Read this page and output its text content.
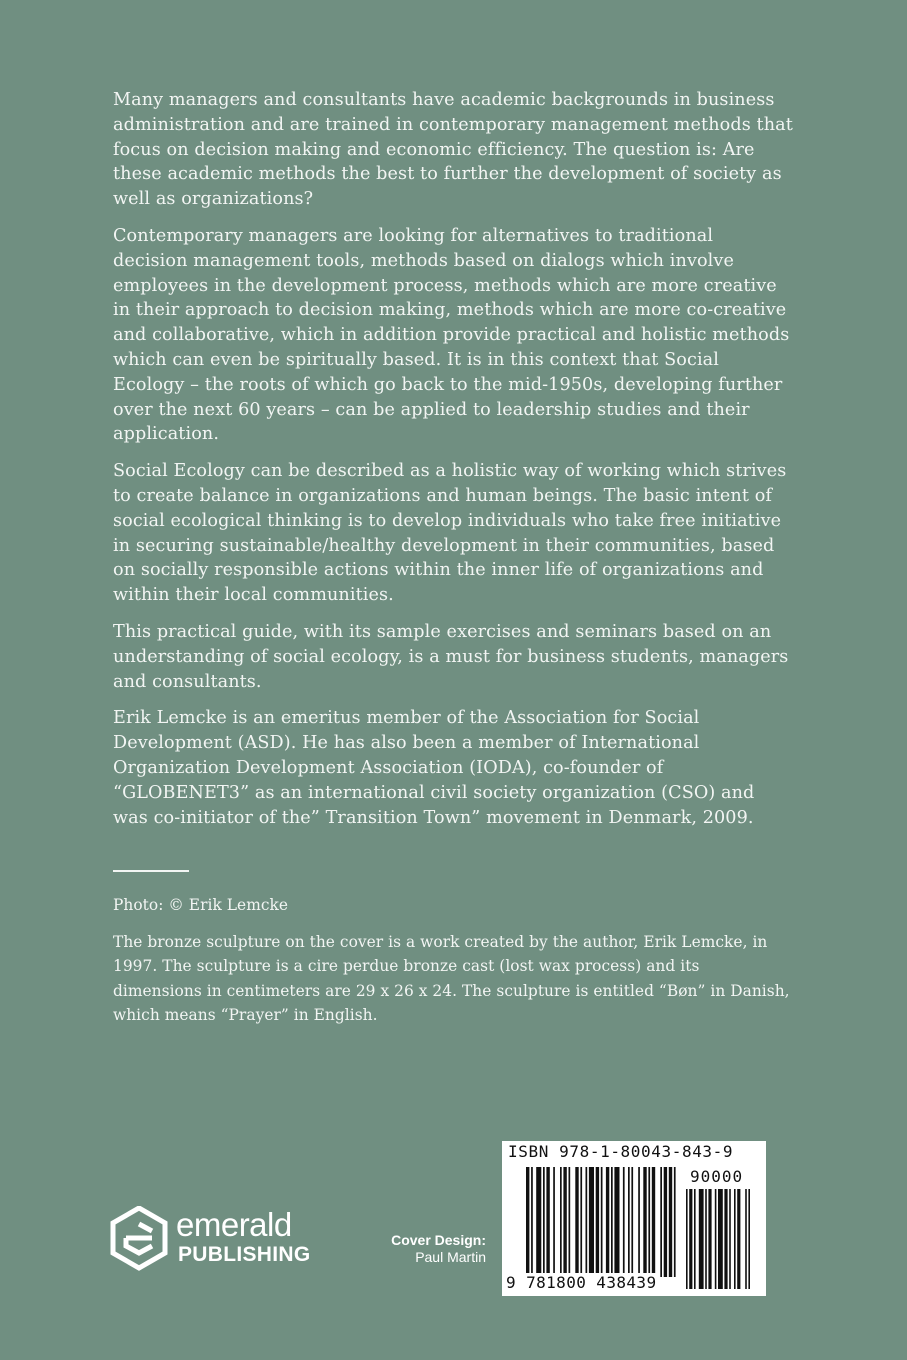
Many managers and consultants have academic backgrounds in business administration and are trained in contemporary management methods that focus on decision making and economic efficiency. The question is: Are these academic methods the best to further the development of society as well as organizations?

Contemporary managers are looking for alternatives to traditional decision management tools, methods based on dialogs which involve employees in the development process, methods which are more creative in their approach to decision making, methods which are more co-creative and collaborative, which in addition provide practical and holistic methods which can even be spiritually based. It is in this context that Social Ecology – the roots of which go back to the mid-1950s, developing further over the next 60 years – can be applied to leadership studies and their application.

Social Ecology can be described as a holistic way of working which strives to create balance in organizations and human beings. The basic intent of social ecological thinking is to develop individuals who take free initiative in securing sustainable/healthy development in their communities, based on socially responsible actions within the inner life of organizations and within their local communities.

This practical guide, with its sample exercises and seminars based on an understanding of social ecology, is a must for business students, managers and consultants.

Erik Lemcke is an emeritus member of the Association for Social Development (ASD). He has also been a member of International Organization Development Association (IODA), co-founder of “GLOBENET3” as an international civil society organization (CSO) and was co-initiator of the” Transition Town” movement in Denmark, 2009.

Photo: © Erik Lemcke

The bronze sculpture on the cover is a work created by the author, Erik Lemcke, in 1997. The sculpture is a cire perdue bronze cast (lost wax process) and its dimensions in centimeters are 29 x 26 x 24. The sculpture is entitled “Bøn” in Danish, which means “Prayer” in English.

emerald
PUBLISHING
Cover Design:
Paul Martin
ISBN 978-1-80043-843-9
90000
9 781800 438439
